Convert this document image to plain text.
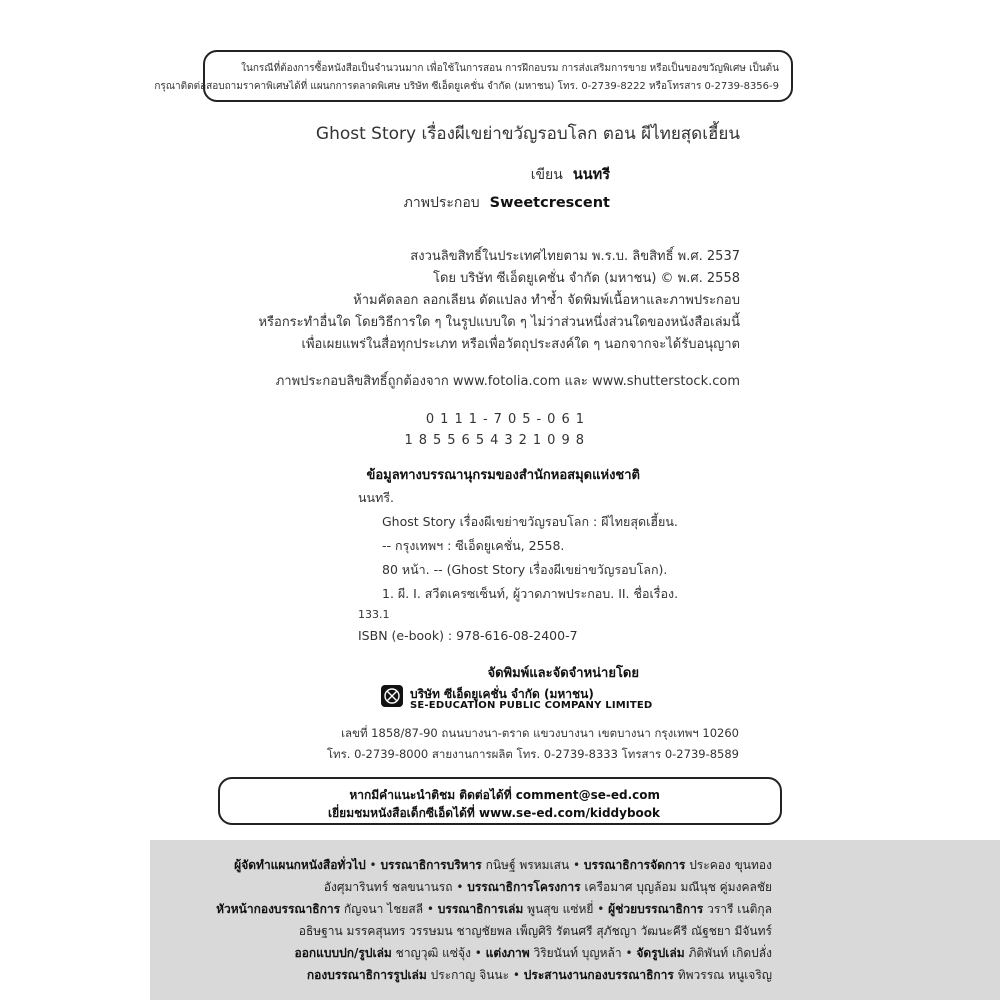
ในกรณีที่ต้องการซื้อหนังสือเป็นจำนวนมาก เพื่อใช้ในการสอน การฝึกอบรม การส่งเสริมการขาย หรือเป็นของขวัญพิเศษ เป็นต้น
กรุณาติดต่อสอบถามราคาพิเศษได้ที่ แผนกการตลาดพิเศษ บริษัท ซีเอ็ดยูเคชั่น จำกัด (มหาชน) โทร. 0-2739-8222 หรือโทรสาร 0-2739-8356-9
Ghost Story เรื่องผีเขย่าขวัญรอบโลก ตอน ผีไทยสุดเฮี้ยน
เขียน นนทรี
ภาพประกอบ Sweetcrescent
สงวนลิขสิทธิ์ในประเทศไทยตาม พ.ร.บ. ลิขสิทธิ์ พ.ศ. 2537
โดย บริษัท ซีเอ็ดยูเคชั่น จำกัด (มหาชน) © พ.ศ. 2558
ห้ามคัดลอก ลอกเลียน ดัดแปลง ทำซ้ำ จัดพิมพ์เนื้อหาและภาพประกอบ
หรือกระทำอื่นใด โดยวิธีการใด ๆ ในรูปแบบใด ๆ ไม่ว่าส่วนหนึ่งส่วนใดของหนังสือเล่มนี้
เพื่อเผยแพร่ในสื่อทุกประเภท หรือเพื่อวัตถุประสงค์ใด ๆ นอกจากจะได้รับอนุญาต
ภาพประกอบลิขสิทธิ์ถูกต้องจาก www.fotolia.com และ www.shutterstock.com
0111-705-061
1855654321098
ข้อมูลทางบรรณานุกรมของสำนักหอสมุดแห่งชาติ
นนทรี.
Ghost Story เรื่องผีเขย่าขวัญรอบโลก : ผีไทยสุดเฮี้ยน.
-- กรุงเทพฯ : ซีเอ็ดยูเคชั่น, 2558.
80 หน้า. -- (Ghost Story เรื่องผีเขย่าขวัญรอบโลก).
1. ผี. I. สวีตเครซเซ็นท์, ผู้วาดภาพประกอบ. II. ชื่อเรื่อง.
133.1
ISBN (e-book) : 978-616-08-2400-7
จัดพิมพ์และจัดจำหน่ายโดย
บริษัท ซีเอ็ดยูเคชั่น จำกัด (มหาชน)
SE-EDUCATION PUBLIC COMPANY LIMITED
เลขที่ 1858/87-90 ถนนบางนา-ตราด แขวงบางนา เขตบางนา กรุงเทพฯ 10260
โทร. 0-2739-8000 สายงานการผลิต โทร. 0-2739-8333 โทรสาร 0-2739-8589
หากมีคำแนะนำติชม ติดต่อได้ที่ comment@se-ed.com
เยี่ยมชมหนังสือเด็กซีเอ็ดได้ที่ www.se-ed.com/kiddybook
ผู้จัดทำแผนกหนังสือทั่วไป • บรรณาธิการบริหาร กนิษฐ์ พรหมเสน • บรรณาธิการจัดการ ประคอง ขุนทอง
อังศุมารินทร์ ชลขนานรถ • บรรณาธิการโครงการ เครือมาศ บุญล้อม มณีนุช คู่มงคลชัย
หัวหน้ากองบรรณาธิการ กัญจนา ไชยสลี • บรรณาธิการเล่ม พูนสุข แซ่หยี่ • ผู้ช่วยบรรณาธิการ วรารี เนติกุล
อธิษฐาน มรรคสุนทร วรรษมน ชาญชัยพล เพ็ญศิริ รัตนศรี สุภัชญา วัฒนะคีรี ณัฐชยา มีจันทร์
ออกแบบปก/รูปเล่ม ชาญวุฒิ แซ่จุ้ง • แต่งภาพ วิริยนันท์ บุญหล้า • จัดรูปเล่ม ภิติพันท์ เกิดปลั่ง
กองบรรณาธิการรูปเล่ม ประกาญ จินนะ • ประสานงานกองบรรณาธิการ ทิพวรรณ หนูเจริญ
